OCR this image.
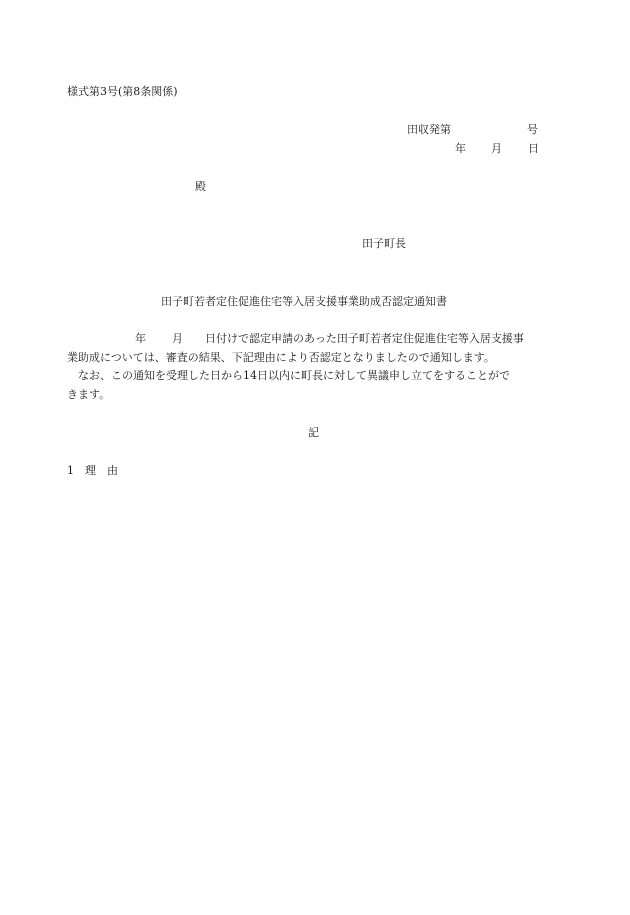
様式第3号(第8条関係)
田収発第	号
年 月 日
殿
田子町長
田子町若者定住促進住宅等入居支援事業助成否認定通知書
年 月 日付けで認定申請のあった田子町若者定住促進住宅等入居支援事
業助成については、審査の結果、下記理由により否認定となりましたので通知します。
なお、この通知を受理した日から14日以内に町長に対して異議申し立てをすることがで
きます。
記
1　理　由
